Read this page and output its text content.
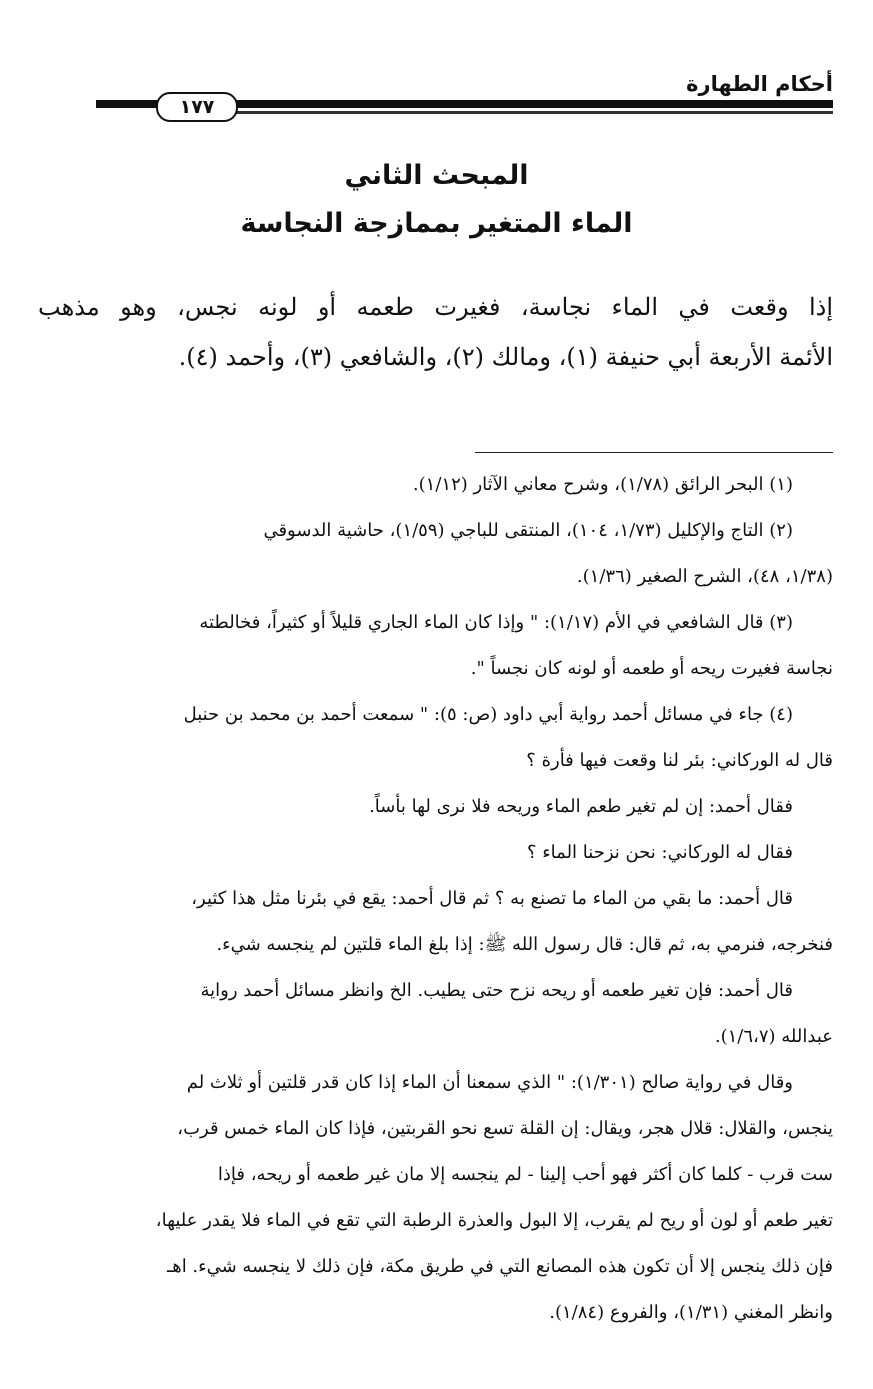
أحكام الطهارة
١٧٧
المبحث الثاني
الماء المتغير بممازجة النجاسة
إذا وقعت في الماء نجاسة، فغيرت طعمه أو لونه نجس، وهو مذهب
الأئمة الأربعة أبي حنيفة (١)، ومالك (٢)، والشافعي (٣)، وأحمد (٤).

(١) البحر الرائق (١/٧٨)، وشرح معاني الآثار (١/١٢).

(٢) التاج والإكليل (١/٧٣، ١٠٤)، المنتقى للباجي (١/٥٩)، حاشية الدسوقي

(١/٣٨، ٤٨)، الشرح الصغير (١/٣٦).

(٣) قال الشافعي في الأم (١/١٧): " وإذا كان الماء الجاري قليلاً أو كثيراً، فخالطته

نجاسة فغيرت ريحه أو طعمه أو لونه كان نجساً ".

(٤) جاء في مسائل أحمد رواية أبي داود (ص: ٥): " سمعت أحمد بن محمد بن حنبل

قال له الوركاني: بئر لنا وقعت فيها فأرة ؟

فقال أحمد: إن لم تغير طعم الماء وريحه فلا نرى لها بأساً.

فقال له الوركاني: نحن نزحنا الماء ؟

قال أحمد: ما بقي من الماء ما تصنع به ؟ ثم قال أحمد: يقع في بئرنا مثل هذا كثير،

فنخرجه، فنرمي به، ثم قال: قال رسول الله ﷺ: إذا بلغ الماء قلتين لم ينجسه شيء.

قال أحمد: فإن تغير طعمه أو ريحه نزح حتى يطيب. الخ وانظر مسائل أحمد رواية

عبدالله (١/٦،٧).

وقال في رواية صالح (١/٣٠١): " الذي سمعنا أن الماء إذا كان قدر قلتين أو ثلاث لم

ينجس، والقلال: قلال هجر، ويقال: إن القلة تسع نحو القربتين، فإذا كان الماء خمس قرب،

ست قرب - كلما كان أكثر فهو أحب إلينا - لم ينجسه إلا مان غير طعمه أو ريحه، فإذا

تغير طعم أو لون أو ريح لم يقرب، إلا البول والعذرة الرطبة التي تقع في الماء فلا يقدر عليها،

فإن ذلك ينجس إلا أن تكون هذه المصانع التي في طريق مكة، فإن ذلك لا ينجسه شيء. اهـ

وانظر المغني (١/٣١)، والفروع (١/٨٤).
